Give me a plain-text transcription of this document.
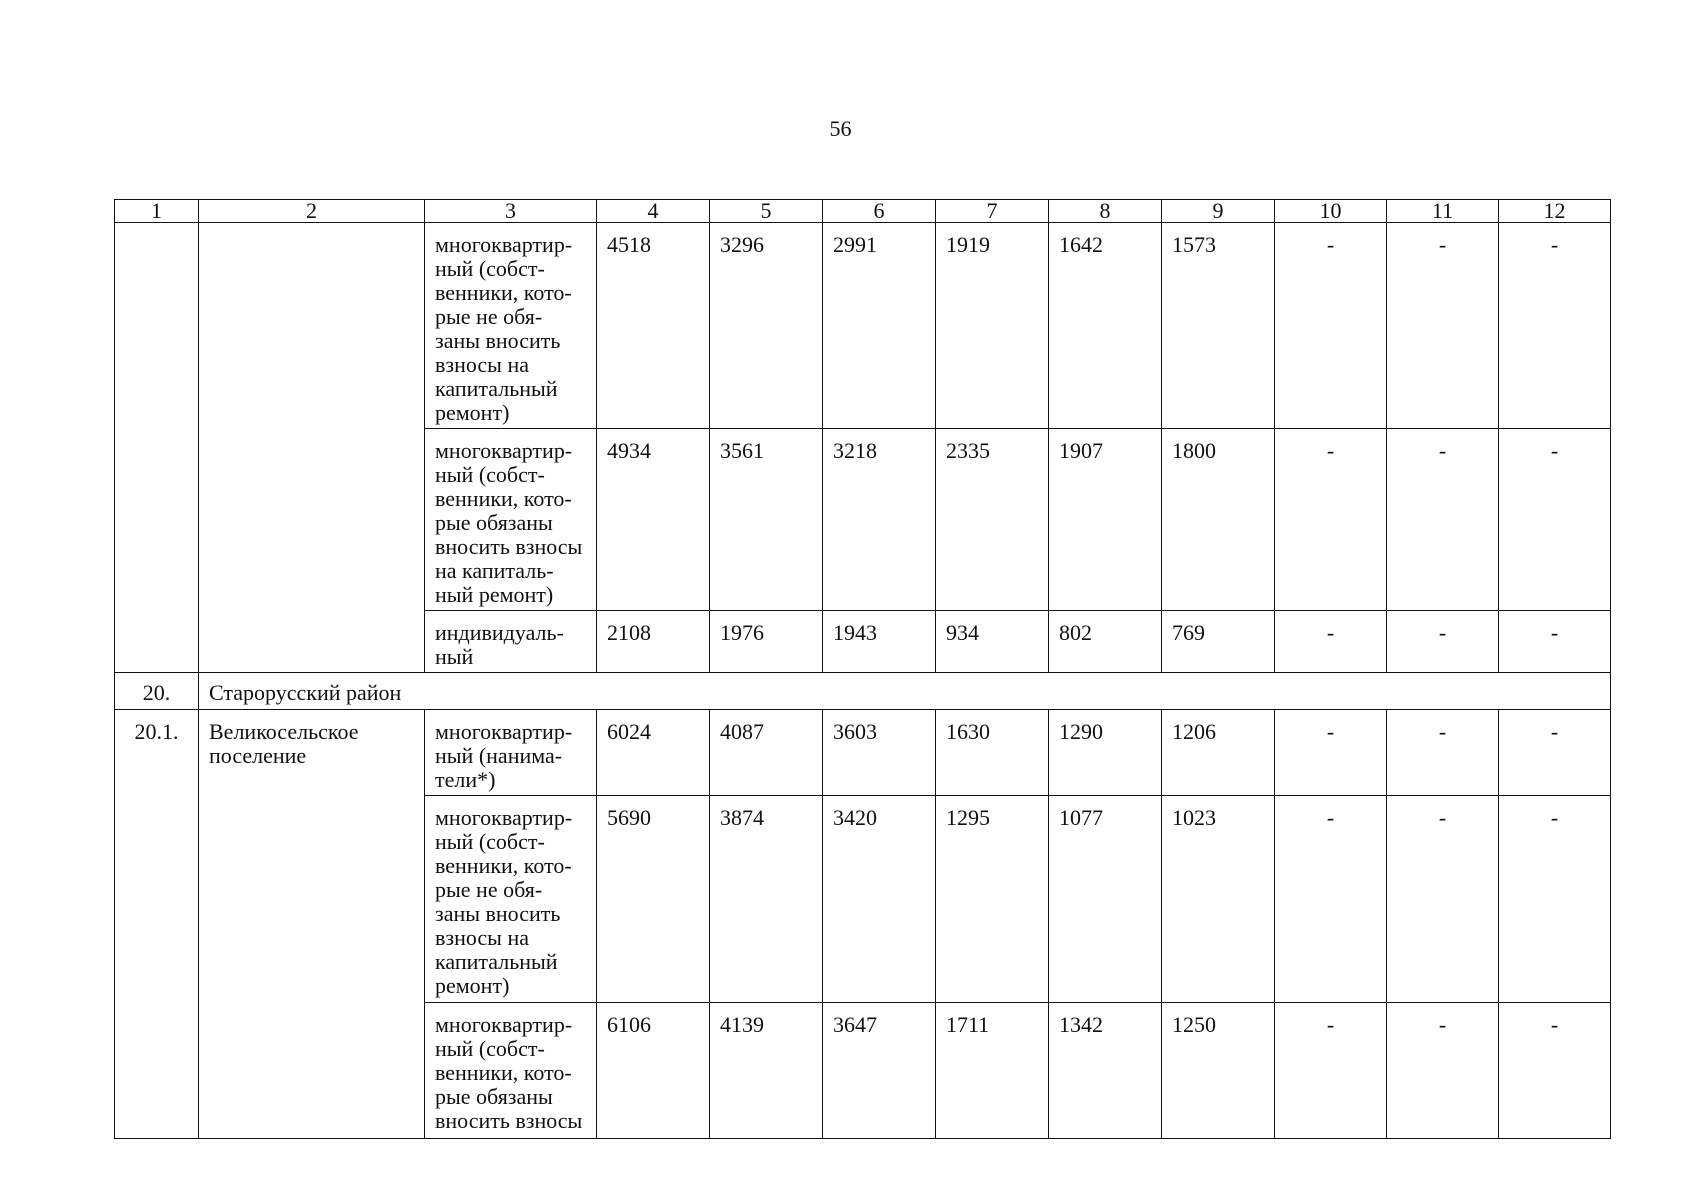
56
1	2	3	4	5	6	7	8	9	10	11	12
		многоквартир-ный (собст-венники, кото-рые не обя-заны вносить взносы на капитальный ремонт)	4518	3296	2991	1919	1642	1573	-	-	-
		многоквартир-ный (собст-венники, кото-рые обязаны вносить взносы на капиталь-ный ремонт)	4934	3561	3218	2335	1907	1800	-	-	-
		индивидуаль-ный	2108	1976	1943	934	802	769	-	-	-
20.	Старорусский район										
20.1.	Великосельское поселение	многоквартир-ный (нанима-тели*)	6024	4087	3603	1630	1290	1206	-	-	-
		многоквартир-ный (собст-венники, кото-рые не обя-заны вносить взносы на капитальный ремонт)	5690	3874	3420	1295	1077	1023	-	-	-
		многоквартир-ный (собст-венники, кото-рые обязаны вносить взносы	6106	4139	3647	1711	1342	1250	-	-	-
